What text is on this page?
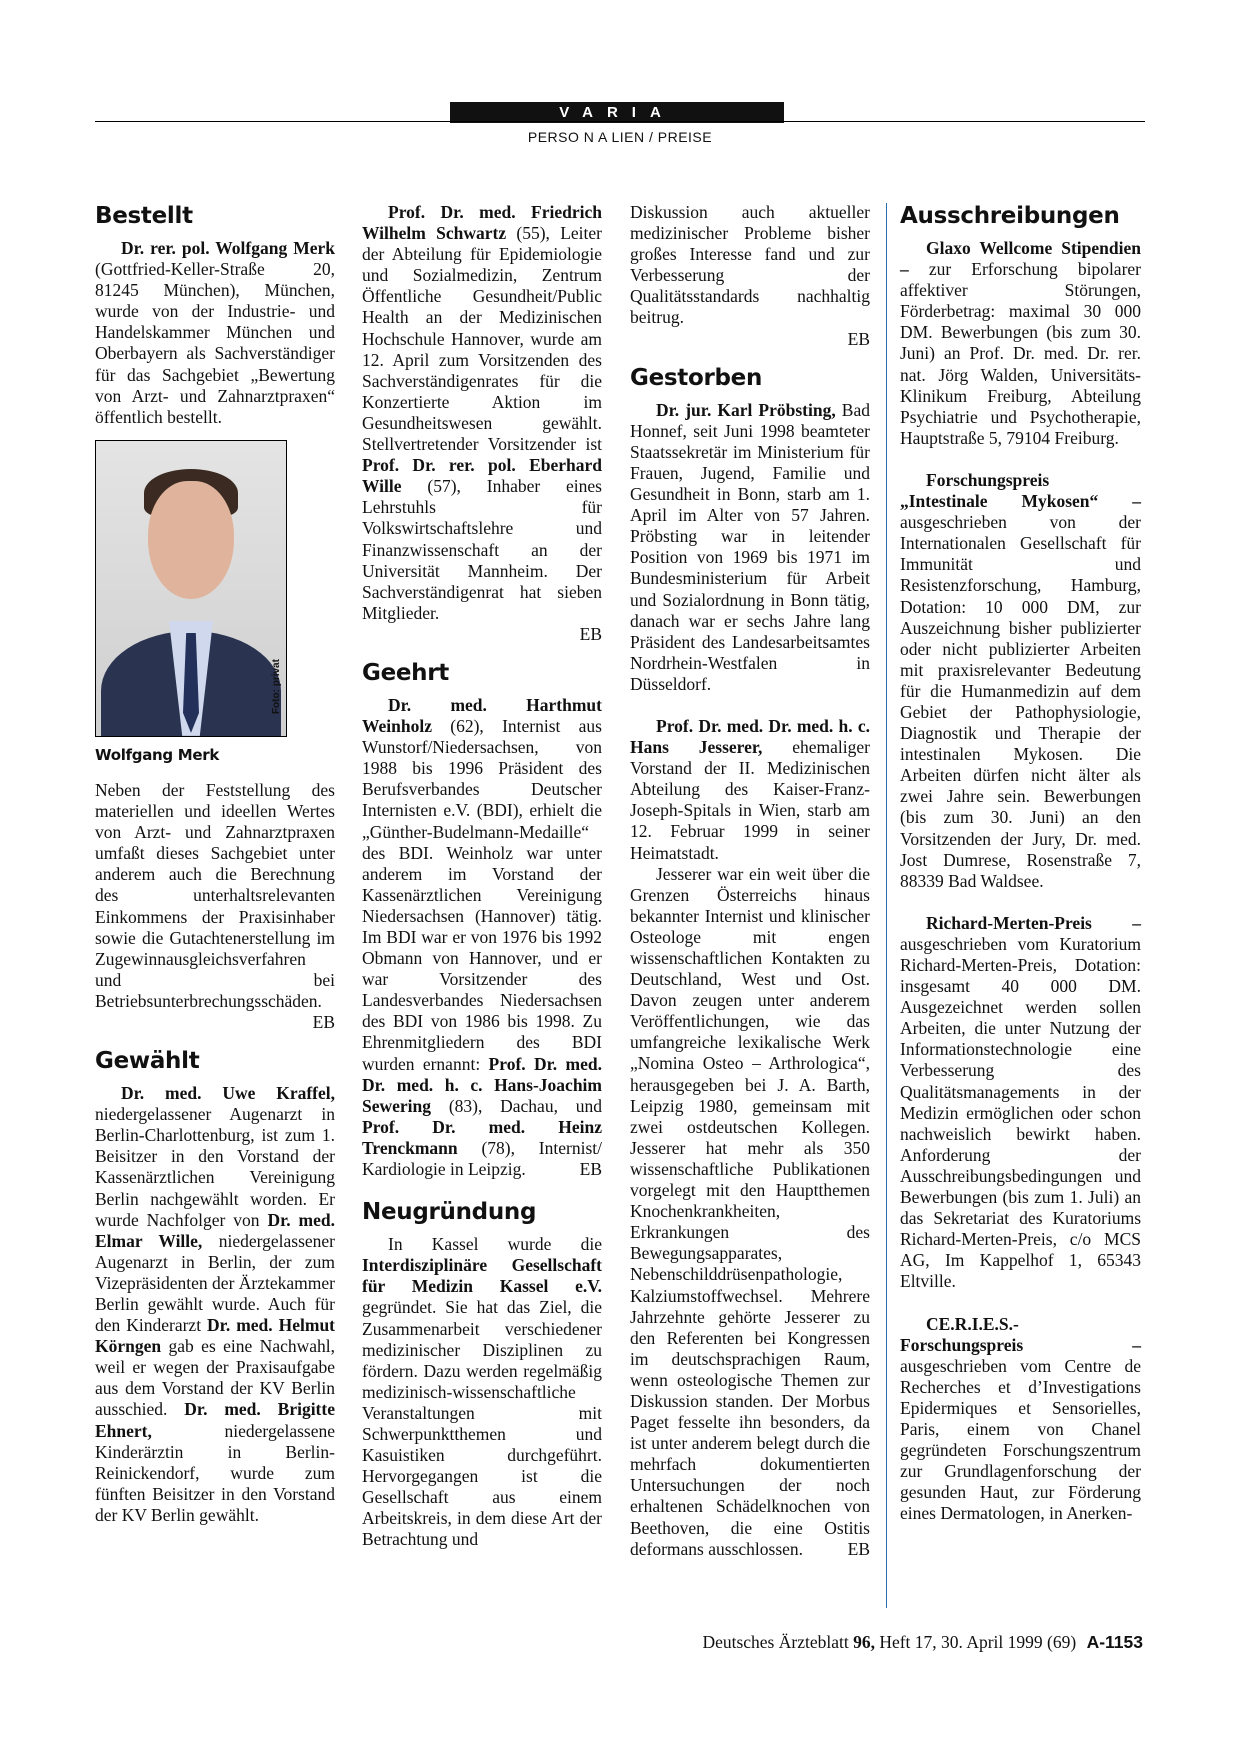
VARIA
PERSO N A LIEN / PREISE
Bestellt

Dr. rer. pol. Wolfgang Merk (Gottfried-Keller-Straße 20, 81245 München), München, wurde von der Industrie- und Handelskammer München und Oberbayern als Sachverständiger für das Sachgebiet „Bewertung von Arzt- und Zahnarztpraxen“ öffentlich bestellt.

Foto: privat
Wolfgang Merk

Neben der Feststellung des materiellen und ideellen Wertes von Arzt- und Zahnarztpraxen umfaßt dieses Sachgebiet unter anderem auch die Berechnung des unterhaltsrelevanten Einkommens der Praxisinhaber sowie die Gutachtenerstellung im Zugewinnausgleichsverfahren und bei Betriebsunterbrechungsschäden.
EB

Gewählt

Dr. med. Uwe Kraffel, niedergelassener Augenarzt in Berlin-Charlottenburg, ist zum 1. Beisitzer in den Vorstand der Kassenärztlichen Vereinigung Berlin nachgewählt worden. Er wurde Nachfolger von Dr. med. Elmar Wille, niedergelassener Augenarzt in Berlin, der zum Vizepräsidenten der Ärztekammer Berlin gewählt wurde. Auch für den Kinderarzt Dr. med. Helmut Körngen gab es eine Nachwahl, weil er wegen der Praxisaufgabe aus dem Vorstand der KV Berlin ausschied. Dr. med. Brigitte Ehnert, niedergelassene Kinderärztin in Berlin-Reinickendorf, wurde zum fünften Beisitzer in den Vorstand der KV Berlin gewählt.

Prof. Dr. med. Friedrich Wilhelm Schwartz (55), Leiter der Abteilung für Epidemiologie und Sozialmedizin, Zentrum Öffentliche Gesundheit/Public Health an der Medizinischen Hochschule Hannover, wurde am 12. April zum Vorsitzenden des Sachverständigenrates für die Konzertierte Aktion im Gesundheitswesen gewählt. Stellvertretender Vorsitzender ist Prof. Dr. rer. pol. Eberhard Wille (57), Inhaber eines Lehrstuhls für Volkswirtschaftslehre und Finanzwissenschaft an der Universität Mannheim. Der Sachverständigenrat hat sieben Mitglieder.
EB

Geehrt

Dr. med. Harthmut Weinholz (62), Internist aus Wunstorf/Niedersachsen, von 1988 bis 1996 Präsident des Berufsverbandes Deutscher Internisten e.V. (BDI), erhielt die „Günther-Budelmann-Medaille“ des BDI. Weinholz war unter anderem im Vorstand der Kassenärztlichen Vereinigung Niedersachsen (Hannover) tätig. Im BDI war er von 1976 bis 1992 Obmann von Hannover, und er war Vorsitzender des Landesverbandes Niedersachsen des BDI von 1986 bis 1998. Zu Ehrenmitgliedern des BDI wurden ernannt: Prof. Dr. med. Dr. med. h. c. Hans-Joachim Sewering (83), Dachau, und Prof. Dr. med. Heinz Trenckmann (78), Internist/ Kardiologie in Leipzig.	EB

Neugründung

In Kassel wurde die Interdisziplinäre Gesellschaft für Medizin Kassel e.V. gegründet. Sie hat das Ziel, die Zusammenarbeit verschiedener medizinischer Disziplinen zu fördern. Dazu werden regelmäßig medizinisch-wissenschaftliche Veranstaltungen mit Schwerpunktthemen und Kasuistiken durchgeführt. Hervorgegangen ist die Gesellschaft aus einem Arbeitskreis, in dem diese Art der Betrachtung und

Diskussion auch aktueller medizinischer Probleme bisher großes Interesse fand und zur Verbesserung der Qualitätsstandards nachhaltig beitrug.
EB

Gestorben

Dr. jur. Karl Pröbsting, Bad Honnef, seit Juni 1998 beamteter Staatssekretär im Ministerium für Frauen, Jugend, Familie und Gesundheit in Bonn, starb am 1. April im Alter von 57 Jahren. Pröbsting war in leitender Position von 1969 bis 1971 im Bundesministerium für Arbeit und Sozialordnung in Bonn tätig, danach war er sechs Jahre lang Präsident des Landesarbeitsamtes Nordrhein-Westfalen in Düsseldorf.

Prof. Dr. med. Dr. med. h. c. Hans Jesserer, ehemaliger Vorstand der II. Medizinischen Abteilung des Kaiser-Franz-Joseph-Spitals in Wien, starb am 12. Februar 1999 in seiner Heimatstadt.

Jesserer war ein weit über die Grenzen Österreichs hinaus bekannter Internist und klinischer Osteologe mit engen wissenschaftlichen Kontakten zu Deutschland, West und Ost. Davon zeugen unter anderem Veröffentlichungen, wie das umfangreiche lexikalische Werk „Nomina Osteo – Arthrologica“, herausgegeben bei J. A. Barth, Leipzig 1980, gemeinsam mit zwei ostdeutschen Kollegen. Jesserer hat mehr als 350 wissenschaftliche Publikationen vorgelegt mit den Hauptthemen Knochenkrankheiten, Erkrankungen des Bewegungsapparates, Nebenschilddrüsenpathologie, Kalziumstoffwechsel. Mehrere Jahrzehnte gehörte Jesserer zu den Referenten bei Kongressen im deutschsprachigen Raum, wenn osteologische Themen zur Diskussion standen. Der Morbus Paget fesselte ihn besonders, da ist unter anderem belegt durch die mehrfach dokumentierten Untersuchungen der noch erhaltenen Schädelknochen von Beethoven, die eine Ostitis deformans ausschlossen.	EB

Ausschreibungen

Glaxo Wellcome Stipendien – zur Erforschung bipolarer affektiver Störungen, Förderbetrag: maximal 30 000 DM. Bewerbungen (bis zum 30. Juni) an Prof. Dr. med. Dr. rer. nat. Jörg Walden, Universitäts-Klinikum Freiburg, Abteilung Psychiatrie und Psychotherapie, Hauptstraße 5, 79104 Freiburg.

Forschungspreis „Intestinale Mykosen“ – ausgeschrieben von der Internationalen Gesellschaft für Immunität und Resistenzforschung, Hamburg, Dotation: 10 000 DM, zur Auszeichnung bisher publizierter oder nicht publizierter Arbeiten mit praxisrelevanter Bedeutung für die Humanmedizin auf dem Gebiet der Pathophysiologie, Diagnostik und Therapie der intestinalen Mykosen. Die Arbeiten dürfen nicht älter als zwei Jahre sein. Bewerbungen (bis zum 30. Juni) an den Vorsitzenden der Jury, Dr. med. Jost Dumrese, Rosenstraße 7, 88339 Bad Waldsee.

Richard-Merten-Preis – ausgeschrieben vom Kuratorium Richard-Merten-Preis, Dotation: insgesamt 40 000 DM. Ausgezeichnet werden sollen Arbeiten, die unter Nutzung der Informationstechnologie eine Verbesserung des Qualitätsmanagements in der Medizin ermöglichen oder schon nachweislich bewirkt haben. Anforderung der Ausschreibungsbedingungen und Bewerbungen (bis zum 1. Juli) an das Sekretariat des Kuratoriums Richard-Merten-Preis, c/o MCS AG, Im Kappelhof 1, 65343 Eltville.

CE.R.I.E.S.-Forschungspreis – ausgeschrieben vom Centre de Recherches et d’Investigations Epidermiques et Sensorielles, Paris, einem von Chanel gegründeten Forschungszentrum zur Grundlagenforschung der gesunden Haut, zur Förderung eines Dermatologen, in Anerken-

Deutsches Ärzteblatt 96, Heft 17, 30. April 1999 (69) A-1153
